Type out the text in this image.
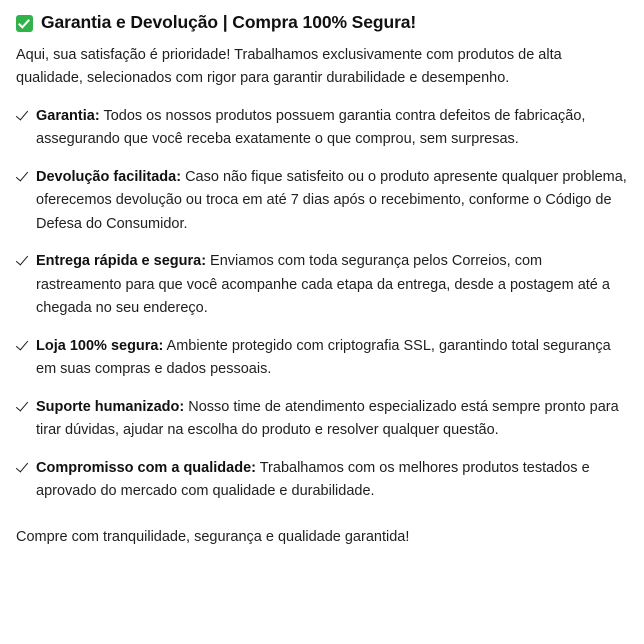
Garantia e Devolução | Compra 100% Segura!

Aqui, sua satisfação é prioridade! Trabalhamos exclusivamente com produtos de alta qualidade, selecionados com rigor para garantir durabilidade e desempenho.

Garantia: Todos os nossos produtos possuem garantia contra defeitos de fabricação, assegurando que você receba exatamente o que comprou, sem surpresas.
Devolução facilitada: Caso não fique satisfeito ou o produto apresente qualquer problema, oferecemos devolução ou troca em até 7 dias após o recebimento, conforme o Código de Defesa do Consumidor.
Entrega rápida e segura: Enviamos com toda segurança pelos Correios, com rastreamento para que você acompanhe cada etapa da entrega, desde a postagem até a chegada no seu endereço.
Loja 100% segura: Ambiente protegido com criptografia SSL, garantindo total segurança em suas compras e dados pessoais.
Suporte humanizado: Nosso time de atendimento especializado está sempre pronto para tirar dúvidas, ajudar na escolha do produto e resolver qualquer questão.
Compromisso com a qualidade: Trabalhamos com os melhores produtos testados e aprovado do mercado com qualidade e durabilidade.

Compre com tranquilidade, segurança e qualidade garantida!
